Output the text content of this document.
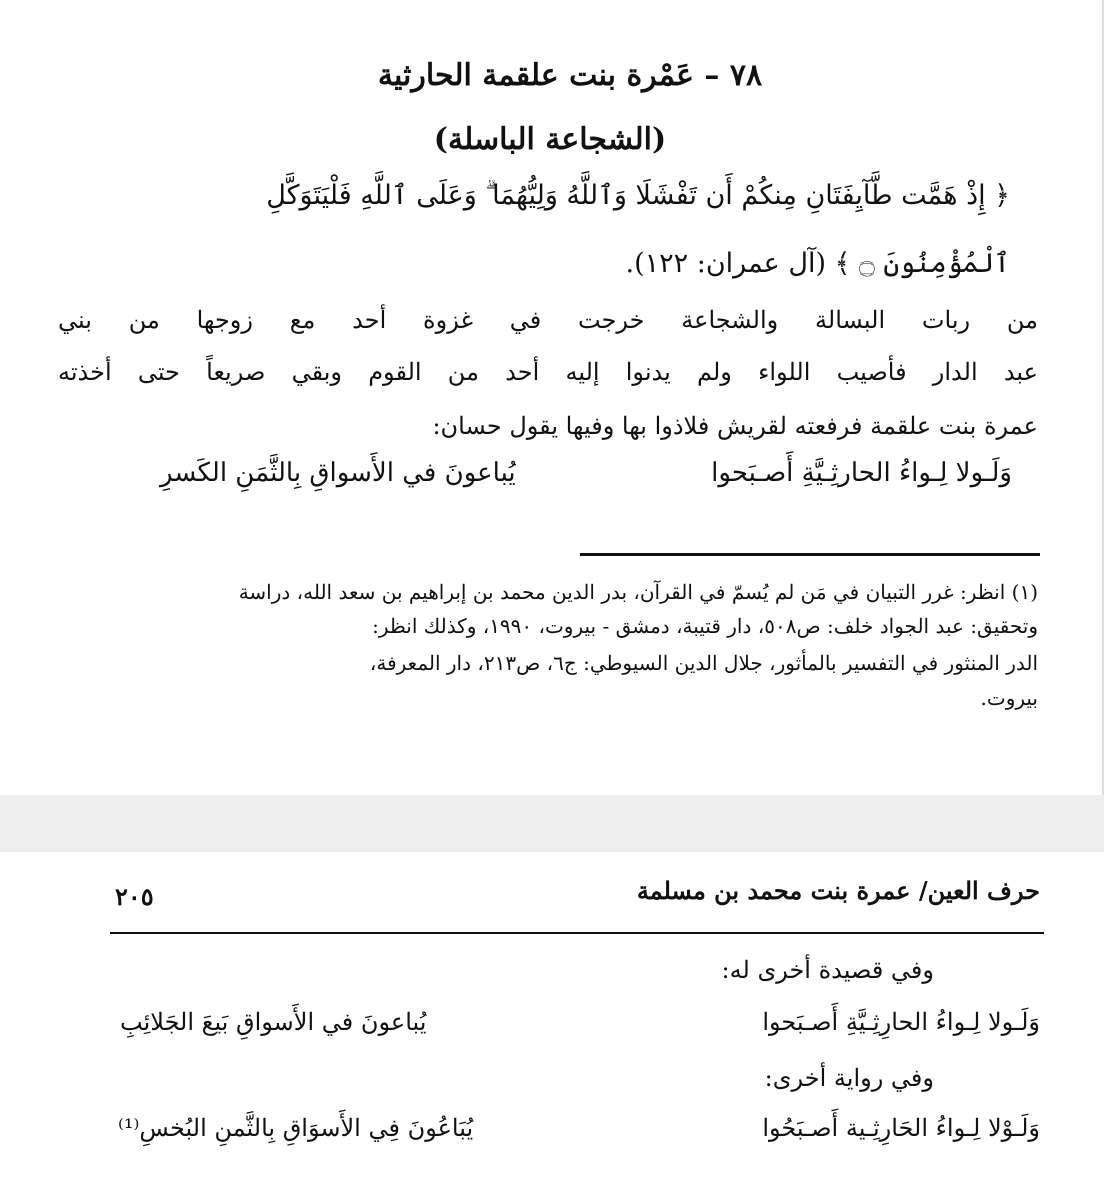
٧٨ – عَمْرة بنت علقمة الحارثية
(الشجاعة الباسلة)
﴿ إِذْ هَمَّت طَّآيِفَتَانِ مِنكُمْ أَن تَفْشَلَا وَٱللَّهُ وَلِيُّهُمَا ۗ وَعَلَى ٱللَّهِ فَلْيَتَوَكَّلِ
ٱلْمُؤْمِنُونَ ۝ ﴾ (آل عمران: ١٢٢).
من ربات البسالة والشجاعة خرجت في غزوة أحد مع زوجها من بني
عبد الدار فأصيب اللواء ولم يدنوا إليه أحد من القوم وبقي صريعاً حتى أخذته
عمرة بنت علقمة فرفعته لقريش فلاذوا بها وفيها يقول حسان:
وَلَـولا لِـواءُ الحارثِـيَّةِ أَصـبَحوا
يُباعونَ في الأَسواقِ بِالثَّمَنِ الكَسرِ
(١) انظر: غرر التبيان في مَن لم يُسمّ في القرآن، بدر الدين محمد بن إبراهيم بن سعد الله، دراسة
وتحقيق: عبد الجواد خلف: ص٥٠٨، دار قتيبة، دمشق - بيروت، ١٩٩٠، وكذلك انظر:
الدر المنثور في التفسير بالمأثور، جلال الدين السيوطي: ج٦، ص٢١٣، دار المعرفة،
بيروت.
حرف العين/ عمرة بنت محمد بن مسلمة
٢٠٥
وفي قصيدة أخرى له:
وَلَـولا لِـواءُ الحارِثِـيَّةِ أَصـبَحوا
يُباعونَ في الأَسواقِ بَيعَ الجَلائِبِ
وفي رواية أخرى:
وَلَـوْلا لِـواءُ الحَارِثِـية أَصـبَحُوا
يُبَاعُونَ فِي الأَسوَاقِ بِالثَّمنِ البُخسِ⁽¹⁾
